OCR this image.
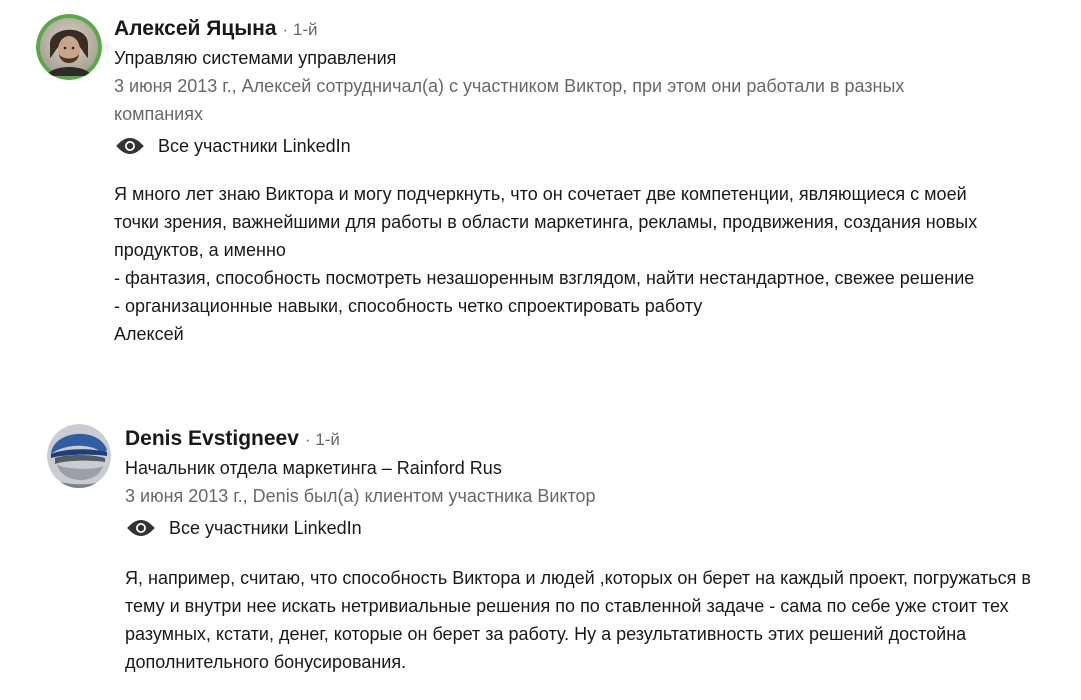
Алексей Яцына · 1-й
Управляю системами управления
3 июня 2013 г., Алексей сотрудничал(а) с участником Виктор, при этом они работали в разных компаниях
Все участники LinkedIn

Я много лет знаю Виктора и могу подчеркнуть, что он сочетает две компетенции, являющиеся с моей точки зрения, важнейшими для работы в области маркетинга, рекламы, продвижения, создания новых продуктов, а именно

- фантазия, способность посмотреть незашоренным взглядом, найти нестандартное, свежее решение

- организационные навыки, способность четко спроектировать работу

Алексей

Denis Evstigneev · 1-й
Начальник отдела маркетинга – Rainford Rus
3 июня 2013 г., Denis был(а) клиентом участника Виктор
Все участники LinkedIn

Я, например, считаю, что способность Виктора и людей ,которых он берет на каждый проект, погружаться в тему и внутри нее искать нетривиальные решения по по ставленной задаче - сама по себе уже стоит тех разумных, кстати, денег, которые он берет за работу. Ну а результативность этих решений достойна дополнительного бонусирования.
